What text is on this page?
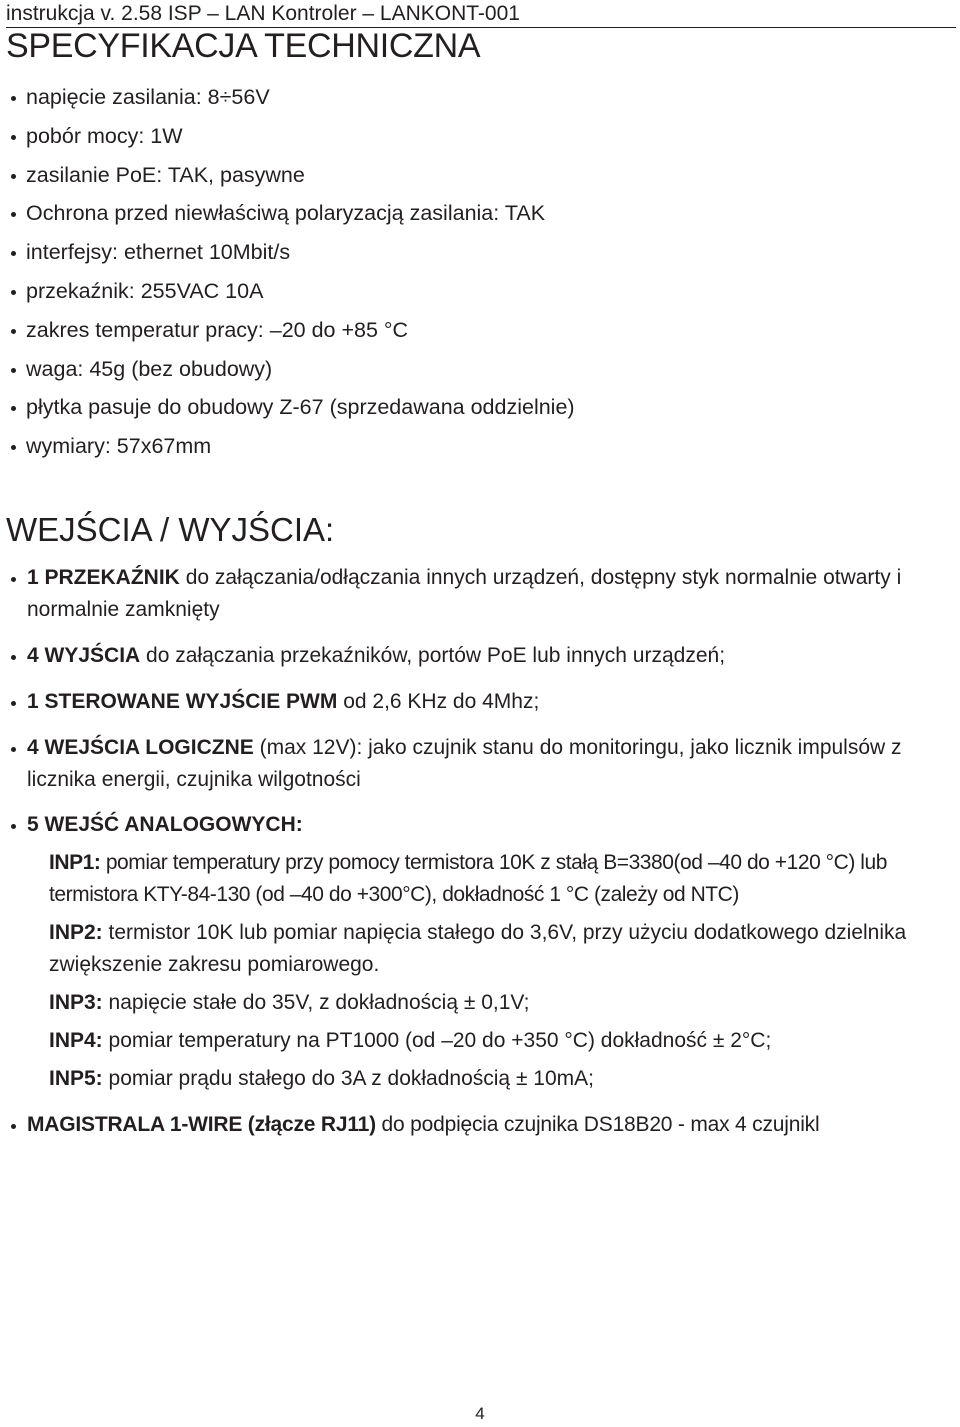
instrukcja v. 2.58 ISP – LAN Kontroler – LANKONT-001
SPECYFIKACJA TECHNICZNA
napięcie zasilania: 8÷56V
pobór mocy: 1W
zasilanie PoE: TAK, pasywne
Ochrona przed niewłaściwą polaryzacją zasilania: TAK
interfejsy: ethernet 10Mbit/s
przekaźnik: 255VAC 10A
zakres temperatur pracy: –20 do +85 °C
waga: 45g (bez obudowy)
płytka pasuje do obudowy Z-67 (sprzedawana oddzielnie)
wymiary: 57x67mm
WEJŚCIA / WYJŚCIA:
1 PRZEKAŹNIK do załączania/odłączania innych urządzeń, dostępny styk normalnie otwarty i normalnie zamknięty
4 WYJŚCIA do załączania przekaźników, portów PoE lub innych urządzeń;
1 STEROWANE WYJŚCIE PWM od 2,6 KHz do 4Mhz;
4 WEJŚCIA LOGICZNE (max 12V): jako czujnik stanu do monitoringu, jako licznik impulsów z licznika energii, czujnika wilgotności
5 WEJŚĆ ANALOGOWYCH:
INP1: pomiar temperatury przy pomocy termistora 10K z stałą B=3380(od –40 do +120 °C) lub termistora KTY-84-130 (od –40 do +300°C), dokładność 1 °C (zależy od NTC)
INP2: termistor 10K lub pomiar napięcia stałego do 3,6V, przy użyciu dodatkowego dzielnika zwiększenie zakresu pomiarowego.
INP3: napięcie stałe do 35V, z dokładnością ± 0,1V;
INP4: pomiar temperatury na PT1000 (od –20 do +350 °C) dokładność ± 2°C;
INP5: pomiar prądu stałego do 3A z dokładnością ± 10mA;
MAGISTRALA 1-WIRE (złącze RJ11) do podpięcia czujnika DS18B20 - max 4 czujnikl
4
